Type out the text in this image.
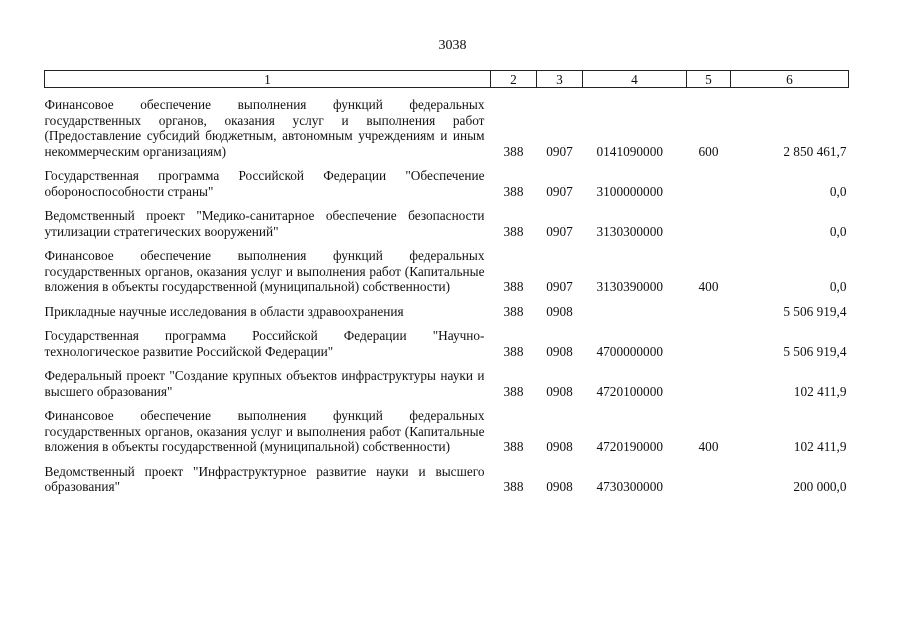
3038
1	2	3	4	5	6

Финансовое обеспечение выполнения функций федеральных государственных органов, оказания услуг и выполнения работ (Предоставление субсидий бюджетным, автономным учреждениям и иным некоммерческим организациям)	388	0907	0141090000	600	2 850 461,7

Государственная программа Российской Федерации "Обеспечение обороноспособности страны"	388	0907	3100000000		0,0

Ведомственный проект "Медико-санитарное обеспечение безопасности утилизации стратегических вооружений"	388	0907	3130300000		0,0

Финансовое обеспечение выполнения функций федеральных государственных органов, оказания услуг и выполнения работ (Капитальные вложения в объекты государственной (муниципальной) собственности)	388	0907	3130390000	400	0,0

Прикладные научные исследования в области здравоохранения	388	0908			5 506 919,4

Государственная программа Российской Федерации "Научно-технологическое развитие Российской Федерации"	388	0908	4700000000		5 506 919,4

Федеральный проект "Создание крупных объектов инфраструктуры науки и высшего образования"	388	0908	4720100000		102 411,9

Финансовое обеспечение выполнения функций федеральных государственных органов, оказания услуг и выполнения работ (Капитальные вложения в объекты государственной (муниципальной) собственности)	388	0908	4720190000	400	102 411,9

Ведомственный проект "Инфраструктурное развитие науки и высшего образования"	388	0908	4730300000		200 000,0
